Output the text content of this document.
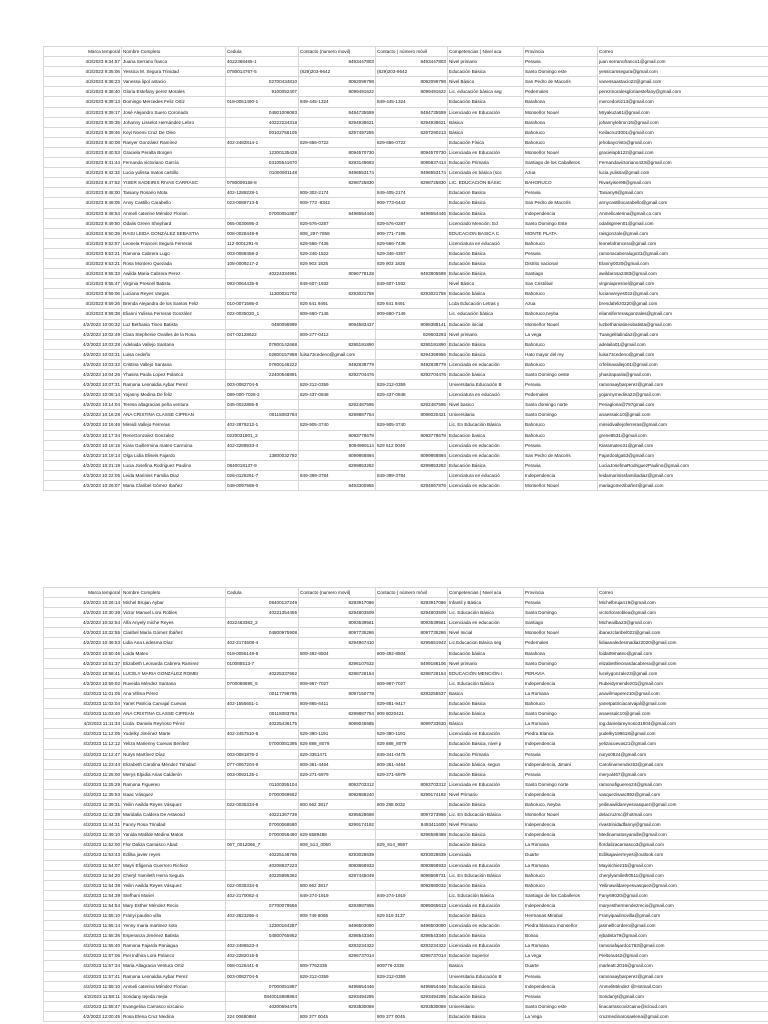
Marca temporal	Nombre Completo	Cedula	Contacto (numero movil)	Contacto ( número móvil	Competencias ( Nivel aca	Provincia	Correo
4/2/2023 9:34:57	Juana Serrano franco	4022368465-1	8493447803	8493447803	Nivel primario	Peravia	juan serranofranco1@gmail.com
4/2/2023 9:35:06	Yessica M. Segura Trinidad	0780014767-5	(829)203-9642	(829)203-9642	Educación Básica	Santo Domingo este	yessicamsegura@gmail.com
4/2/2023 9:38:23	Vanessa lipol astacio	02700434810	8092099798	8092099798	Nivel Básico	San Pedro de Macorís	vanessaastacio22@gmail.com
4/2/2023 9:38:40	Gloria Estefany perez Morales	9100052407	8099491622	8099491622	Lic. educación básica seg	Pedernales	perezmoralesgloriaestefany@gmail.com
4/2/2023 9:39:13	Domingo Mercedes Feliz Ortiz	018-0051490-1	849-445-1324	849-445-1324	Educación Básica	Barahona	mercedortiz13@gmail.com
4/2/2023 9:39:17	José Alejandro Suero Coronado	04801006083	8494735559	8494735559	Licenciado en Educación	Monseñor Nouel	Mryakuza61@gmail.com
4/2/2023 9:39:35	Johanny Lisselot Hernández Lebro	40222234318	8294938621	8294938621	Básica	Barahona	johannylebron16@gmail.com
4/2/2023 9:39:46	Keyl Noemi Cruz De Oleo	00102756105	8297497255	8297290213	Básica	Bahoruco	Keilacruz3001@gmail.com
4/2/2023 9:40:08	Ranyer González Ramírez	402-2482814-1	829-656-0722	829-656-0722	Educación Física	Bahoruco	jehobaycristo@gmail.com
4/2/2023 9:40:53	Graciela Peralta Borgen	12300135428	8094570730	8094570730	Licenciada en Educación	Monseñor Nouel	gracielapb122@gmail.com
4/2/2023 9:41:44	Fernanda victoriano García	03105541670	8293149693	8095837414	Educación Primaria	Santiago de los Caballeros	Fernandavictoriano423@gmail.com
4/2/2023 9:42:32	Lucia yulissa matos castillo	01000901148	8496553174	8496553174	Licenciada en básica (soc	Azua	lucia.yulissa@gmail.com
4/2/2023 9:47:52	YISER SADEIRIS RIVAS CARRASC	0780009158-8	8298725830	8298725830	LIC. EDUCACIÓN BÁSIC	BAHORUCO	Rivasyiser98@gmail.com
4/2/2023 9:48:00	Taniany Rosario Mota	402-1289228-1	809-302-2174	849-405-2174	Educacion Basica	Peravia	Taniany9@gmail.com
4/2/2023 9:48:05	Anny Castillo Carabello	023-0089713-5	809-773 -8342	809-773-6442	Educación Básica	San Pedro de Macorís	annycastillocarabello@gmail.com
4/2/2023 9:48:54	Anmeli caterine Méndez Florian	07000051887	8498654446	8498654446	Educación Básica	Independencia	Anmelicaterina@gmail.co.com
4/2/2023 9:49:50	Odalis Green Shephard	065-0030695-3	829-576-0287	829-576-0287	Licenciado Mención: Ed	Santo Domingo Este	odalisgreen01@gmail.com
4/2/2023 9:50:39	RAISI LEIDA GONZÁLEZ SEBASTIA	008-0028449-9	809_297-7858	809-771-7195	EDUCACION BASICA C	MONTE PLATA	raisgonzale@gmail.com
4/2/2023 9:52:57	Leonela Franceri Segura Ferreras	112-0001291-9	829-566-7436	829-566-7436	Licenciatura en educació	Bahoruco	leonelafrancera@gmail.com
4/2/2023 9:53:21	Ramona Cabrera Lugo	003-0088458-2	829-246-1522	829-346-4357	Educación Básica	Peravia	ramonacaberalugo31@gmail.com
4/2/2023 9:53:21	Rosa Montero Quezada	108-0009217-2	829 903 1825	829 903 1825	Educación Básica	Distrito nacional	Elanny0030@gmail.com
4/2/2023 9:55:33	Awilda Maria Cabrera Perez	40224334991	8096778128	8493905589	Educación Básica	Santiago	awildarosa2483@gmail.com
4/2/2023 9:55:47	Virginia Presnel Batista	093-0064435-9	849-607-1932	849-607-1932	Nivel Básico	San Cristóbal	virginiapresnel@gmail.com
4/2/2023 9:59:06	Luciana Reyes Vargas	11300031702	8293021759	8293021759	Educación básica	Bahoruco	lucianareyes022@gmail.com
4/2/2023 9:59:26	Brenda Alejandra de los Santos Feliz	010-0071586-0	829 641 9491	829 641 9491	Lcda Educación Letras y	Azua	brendafeliz0220@gmail.com
4/2/2023 9:59:38	Elianni Yulissa Ferreras González	022-0035020_1	809-660-7146	809-660-7146	Lic. educación básica	Bahoruco,neyba	elianniferrerasgonzales@gmail.com
4/2/2023 10:00:32	Luz Bethania Tineo Batista	0480096999	8094583437	8098388141	Educación inicial	Monseñor Nouel	luzbethaniatineobatista@gmail.com
4/2/2023 10:02:49	Clara Stephenie Ovalles de la Rosa	047-02128622	809-277-0412	829603293	Nivel primario.	La vega	Tuangelitalinda2@gmail.com
4/2/2023 10:03:28	Adelaida Vallejo Santana	07800142668	8295191890	8295191890	Educación Básica	Bahoruco	adelaila01@gmail.com
4/2/2023 10:03:31	Luisa cedeño	02800157958	luisa73cedeno@gmail.com	8294366956	Educación Básica	Hato mayor del rey	luisa73cedeno@gmail.com
4/2/2023 10:03:32	Cristina Vallejo Santana	07800146222	8492838779	8492838779	Licenciada en educación	Bahoruco	crfelinavallejo01@gmail.com
4/2/2023 10:04:26	Yhasira Paola Lopez Polanco	22400548891	8292704476	8292704476	Educación básica	Santo Domingo oeste	yhasirapaola@gmail.com
4/2/2023 10:07:31	Ramona Leonaldia Aybar Perez	003-0082704-5	829-212-0359	829-212-0359	Universitaria Educación B	Peravia	ramonaaybarperez@gmail.com
4/2/2023 10:08:14	Yojanny Medina De feliz	089-000-7028-2	829-437-0848	829-437-0848	Licenciatura en educació	Pedernales	yojannymedina22@gmail.com
4/2/2023 10:14:04	Teresa altagracias peña ventura	045-0022885-5	8292487595	8292487595	Nivel basico	Santo domingo norte	Penagloria@797gmail.com
4/2/2023 10:16:28	ANA CRISTINA CLASSE CIPRIAN	00115083784	8299887754	8098020421	Universitaria	Santo Domingo	anaessalc10@gmail.com
4/2/2023 10:16:46	Mireidi Vallejo Ferreras	402-2879212-1	829-905-3740	829-905-3740	Lic. En Educación Básica	Bahoruco	mireidivallejoferreras@gmail.com
4/2/2023 10:17:34	ReneGonzalez Gonzalez	0220031801_2	8093778678	8093778678	Educacion basica	Bahoruco	grene8531@gmail.com
4/2/2023 10:18:15	Kiara Guillermina mateo Carmona	402-2289933-4	8094999114	829 512 0046	Licenciada en educación	Peravia	Kiaramateo31@gmail.com
4/2/2023 10:19:14	Olga Lidia Eliseis Fajardo	13800032792	8099868894	8099868894	Licenciada en educación	San Pedro de Macorís	Fajardoolga53@gmail.com
4/2/2023 10:21:19	Lucia Josefina Rodriguez Paulino	0840018137-9	8299853282	8299853282	Educación Básica	Peravia	LuciaJosefinaRodriguezPaulino@gmail.com
4/2/2023 10:22:05	Leida Mariniss Familia Diaz	026-0126261-7	849-399-3784	849-399-3784	Licenciatura en educació	Independencia	leidamarinissfamiliadiaz@gmail.com
4/2/2023 10:26:07	Maria Claribel Gómez Ibañez	048-0097589-0	8493300955	8294667876	Licenciada en educación	Monseñor Nouel	mariagomezibañez@gmail.com
Marca temporal	Nombre Completo	Cedula	Contacto (numero movil)	Contacto ( número móvil	Competencias ( Nivel aca	Provincia	Correo
4/2/2023 10:26:14	Michel Brujan Aybar	08400137249	8293917086	8293917086	Infantil y Básica	Peravia	Michelbrujan19@gmail.com
4/2/2023 10:30:39	Victor Manuel Lora Robles	40221354455	8294803509	8294803509	Lic. Educación Básica	Santo Domingo	victorloraroblea@gmail.com
4/2/2023 10:32:54	Alfa Anyely miche Reyes	4022463363_2	8093539561	8093539561	Licenciada en educación	Santiago	Micheailba23@gmail.com
4/2/2023 10:32:55	Claribel María Gómez Ibáñez	04800975908	8097735286	8097735286	Nivel Inicial	Monseñor Nouel	ibanezclaribel022@gmail.com
4/2/2023 10:46:53	Lidia Ana Ledesma Díaz	402-2174508-4	8294967410	8295651942	Lic.Educacion Básica seg	Pedernales	lidiaanaledesmadiaz2020@gmail.com
4/2/2023 10:50:46	Loida Mateo	018-0055149-8	809-492-8504	809-492-8504	Educación básica	Barahona	loida09mateo@gmail.com
4/2/2023 10:51:37	Elizabeth Leonarda Cabrera Ramirez	010085513-7	8296107532	8499186106	Nivel primario	Santo Domingo	elizabethleonardacabrera@gmail.com
4/2/2023 10:58:41	LUCELY MARIA GONZÁLEZ ROMEI	40225337662	8298728154	8298728154	EDUCACIÓN MENCIÓN I	PERAVIA	lucelygonzalez3@gmail.com
4/2/2023 10:59:02	Ruveida Méndez Santana	0700068695_6	809-967-7027	809-967-7027	Lic. Educación Básica	Independencia	Rubeidymendez01@gmail.com
4/2/2023 11:01:05	Ana Villma Pérez	00117798785	8097150778	8293255537	Basica	La Romana	anavilmaperez10@gmail.com
4/2/2023 11:02:04	Yanet Patricia Carvajal Cuevas	402-1555651-1	809-865-6411	829-881-9417	Educación Básica	Bahoruco	yanetpatriciacarvajal@gmail.com
4/2/2023 11:03:40	ANA CRISTINA CLASSE CIPRIAN	00115083784	8299887754	809 8020421	Educación básica	Santo Domingo	anaessalc10@gmail.com
4/2/2023 11:11:34	Licda. Daniela Reynoso Pérez	40225436175	8099046585	8099733530	Básica	La Romana	ing.danielareynoso31804@gmail.com
4/2/2023 11:12:05	Yudelky Jiménez Marte	402-2457510-6	829-390-1191	829-390-1191	Licenciada en Educación	Piedra Blanca	yudelky199618@gmail.com
4/2/2023 11:12:12	Yeliza Marienny Cuevas Benítez	07000081395	829 888_8079	829 888_8079	Educación Básica, nivel p	Independencia	yelizacuevas21@gmail.com
4/2/2023 11:12:47	Nurys Martínez Díaz	003-0081876-2	829-3351471	849-341-0475	Educación Primaria	Peravia	nurys0824@gmail.com
4/2/2023 11:23:44	Elizabeth Carolina Méndez Trinidad	077-0067204-9	809-361-4464	809-361-4464	Educación básica, segun	Independencia, Jimaní	Carolinamendez63@gmail.com
4/2/2023 11:25:00	Merys Elpidia Arias Calderón	003-0092125-1	829-271-5979	829-271-5979	Educación Básica	Peravia	meryal467@gmail.com
4/2/2023 11:25:29	Ramona Figuereo	01100355104	8093703312	8093703312	Licenciada en Educación	Santo Domingo norte	ramonafiguereo24@gmail.com
4/2/2023 11:35:53	Isaac Vásquez	07000069562	8092888240	8299174192	Nivel Primario	Independencia	vasquezisaac892@gmail.com
4/2/2023 11:39:31	Yeilin Awilda Reyes Vásquez	022-0035334-6	800 662 3817	809 288 0032	Educación Básica	Bahoruco, Neyba	yeilinawildareyesvasquez@gmail.com
4/2/2023 11:42:38	Maridalia Caldera De Astwood	40221367739	8295528698	8097273956	Lic. En Educación Básica	Monseñor Nouel	delacruzmc@hotmail.com
4/2/2023 11:44:31	Fanny Rosa Trinidad	07000068580	8299174192	8493411600	Nivel Primario	Independencia	rivastrinidadfanny@gmail.com
4/2/2023 11:49:10	Yanida Matilde Medina Matos	07000056460	829 6589488	8296589488	Educación Básica	Independencia	Medinamatosyanidle@gmail.com
4/2/2023 11:52:00	Flor Daliza Camasco Abad	067_0012066_7	809_513_0050	829_914_9597	Educación Básica	La Romana	flordalizacamasco3@gmail.com
4/2/2023 11:53:43	Edilsa javier reyes	40225146766	8293028639	8293028639	Licenciada	Duarte	Edilsajavierreyes@outlook.com
4/2/2023 11:54:07	Mayri Efigenia Guerrero Richiez	40208937223	8093868933	8093868933	Licenciada en Educación	La Romana	Mayirichiez15@gmail.com
4/2/2023 11:54:20	Cheryl Yamileth Herra Segura	40225895362	8297445049	8098669731	Lic. En Educación Básica	Bahoruco	cherylyamileth0511@gmail.com
4/2/2023 11:54:38	Yeilin Awilda Reyes Vásquez	022-0035334-6	800 662 3817	8092880032	Educación Básica	Bahoruco	Yeilinawildareyesvasquez@gmail.com
4/2/2023 11:54:39	Stefhani Mariel	402-2170062-4	849-274-1919	849-274-1919	Lic. Educación Básica	Santiago de los Caballeros	Fany69020@gmail.com
4/2/2023 11:54:54	Mary Esther Méndez Recio	07700079556	8293987955	8095065613	Licenciada en Educación	Independencia	maryesthermendezrecio@gmail.com
4/2/2023 11:55:10	Franyi paulino villa	402-2823266-4	809 749 8066	829 519 3137	Educación Básica	Hermanas Mirabal	Franyipaulinovilla@gmail.com
4/2/2023 11:55:14	Yenny maria martinez soto	12300164287	8496503090	8496503090	Licenciada en educación	Piedra blanaca monseñor	jasmeillcordero@gmail.com
4/2/2023 11:55:36	Esperanza Jiménez Batista	04800765952	8298543340	8298543340	Educación Básica	Bonao	ejbatista79@gmail.com
4/2/2023 11:55:40	Ramona Fajardo Paniagua	402-2486523-4	8293234322	8293234322	Licenciada en Educación	La Romana	ramonafajardo1763@gmail.com
4/2/2023 11:57:06	Piel Indhira Lora Polanco	402-2282016-5	8296737014	8296737014	Educación Superior	La vega	Pieltora442@gmail.com
4/2/2023 11:57:34	Maria Altagracia Ventura Ortiz	058-0126441-8	809-7762335	809776-2335	Basica	Duarte	marleatt.2016@gmail.com
4/2/2023 11:57:41	Ramona Leonaldia Aybar Perez	003-0082704-5	829-212-0359	829-212-0359	Universitaria Educación B	Peravia	ramonaaybarperez@gmail.com
4/2/2023 11:58:10	Anmeli caterina Méndez Florian	07000051887	8498654446	8498654446	Educación Básica	Independencia	AnmeliMéndez @Hotmail.Com
4/2/2023 11:58:11	Soridany tejeda mejia	0840015888864	8293494295	8293494295	Educación Básica	Peravia	Soridanyt@gmail.com
4/2/2023 11:58:47	Evangelina Carrasco vizcaino	40200694475	8293530069	8293530069	Universitario	Santo Domingo este	linacarrascovizcaino@icloud.com
4/2/2023 12:00:45	Rosa Elena Cruz Medina	224 00680884	809 377 0045	809 377 0045	Educación Básica	La Vega	cruzmedinarosaelena@gmail.com
